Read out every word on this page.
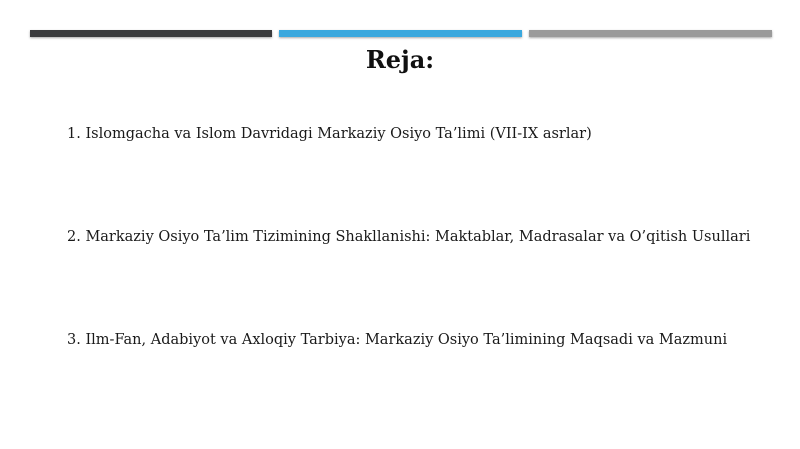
Reja:
1. Islomgacha va Islom Davridagi Markaziy Osiyo Ta’limi (VII-IX asrlar)
2. Markaziy Osiyo Ta’lim Tizimining Shakllanishi: Maktablar, Madrasalar va O’qitish Usullari
3. Ilm-Fan, Adabiyot va Axloqiy Tarbiya: Markaziy Osiyo Ta’limining Maqsadi va Mazmuni
